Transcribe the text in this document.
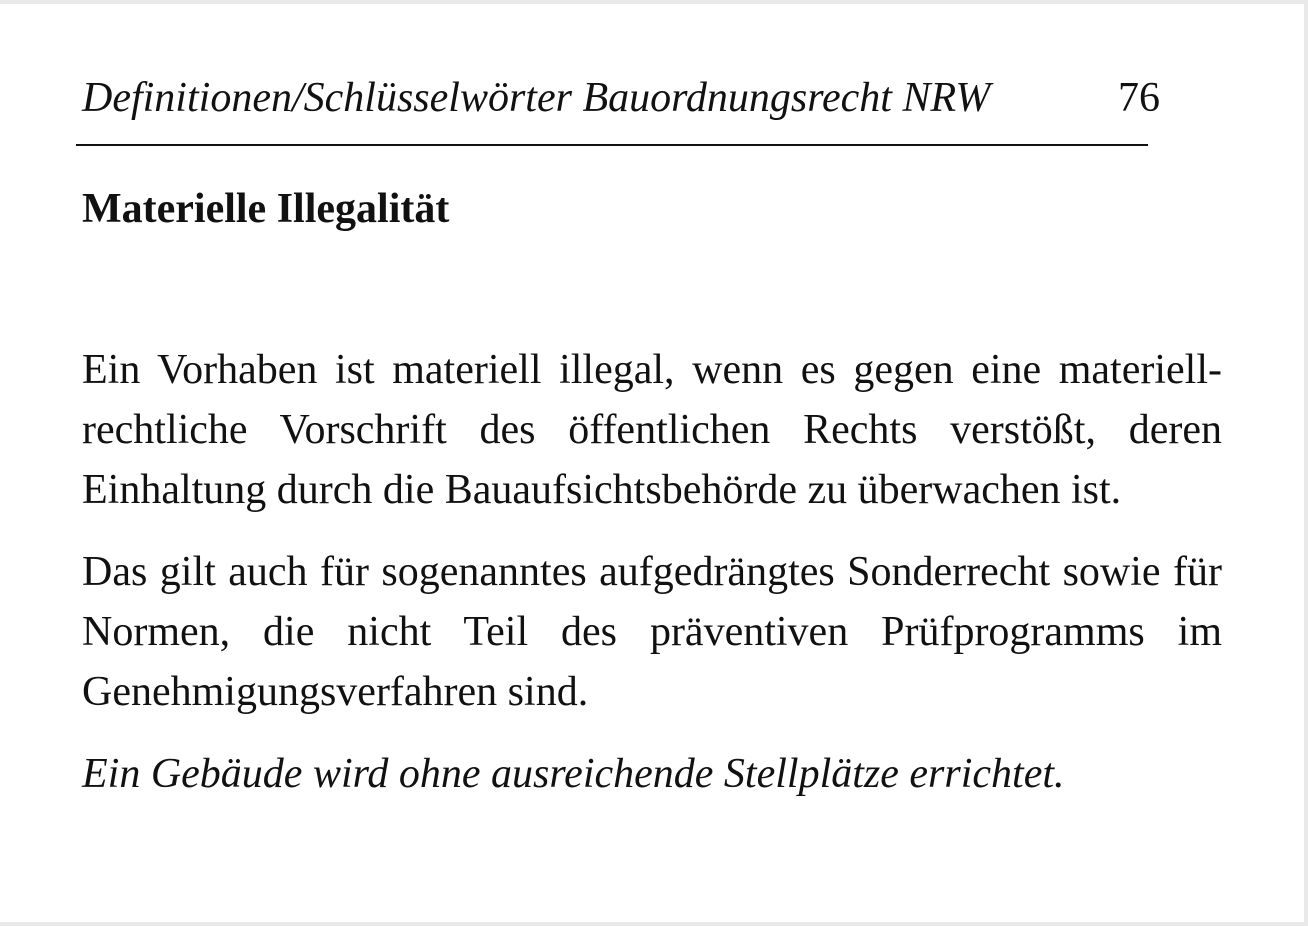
Definitionen/Schlüsselwörter Bauordnungsrecht NRW	76
Materielle Illegalität

Ein Vorhaben ist materiell illegal, wenn es gegen eine materiell-rechtliche Vorschrift des öffentlichen Rechts verstößt, deren Einhaltung durch die Bauaufsichtsbehörde zu überwachen ist.

Das gilt auch für sogenanntes aufgedrängtes Sonderrecht sowie für Normen, die nicht Teil des präventiven Prüfprogramms im Genehmigungsverfahren sind.

Ein Gebäude wird ohne ausreichende Stellplätze errichtet.
